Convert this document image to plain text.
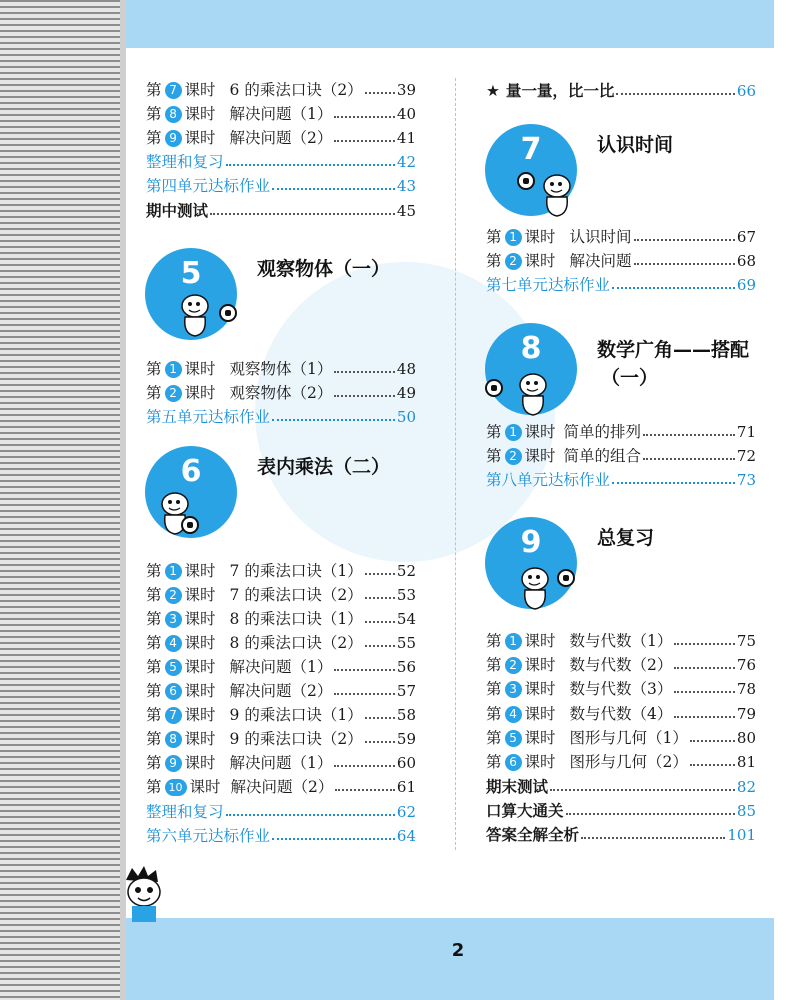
第 7 课时 6 的乘法口诀（2） 39
第 8 课时 解决问题（1）	40
第 9 课时 解决问题（2）	41
整理和复习	42
第四单元达标作业	43
期中测试	45
5	观察物体（一）
第 1 课时 观察物体（1）	48
第 2 课时 观察物体（2）	49
第五单元达标作业	50
6	表内乘法（二）
第 1 课时 7 的乘法口诀（1） 52
第 2 课时 7 的乘法口诀（2） 53
第 3 课时 8 的乘法口诀（1） 54
第 4 课时 8 的乘法口诀（2） 55
第 5 课时 解决问题（1）	56
第 6 课时 解决问题（2）	57
第 7 课时 9 的乘法口诀（1） 58
第 8 课时 9 的乘法口诀（2） 59
第 9 课时 解决问题（1）	60
第 10 课时 解决问题（2）	61
整理和复习	62
第六单元达标作业	64
★ 量一量，比一比	66
7	认识时间
第 1 课时 认识时间	67
第 2 课时 解决问题	68
第七单元达标作业	69
8	数学广角——搭配
（一）
第 1 课时 简单的排列	71
第 2 课时 简单的组合	72
第八单元达标作业	73
9	总复习
第 1 课时 数与代数（1）	75
第 2 课时 数与代数（2）	76
第 3 课时 数与代数（3）	78
第 4 课时 数与代数（4）	79
第 5 课时 图形与几何（1）	80
第 6 课时 图形与几何（2）	81
期末测试	82
口算大通关	85
答案全解全析	101
2
